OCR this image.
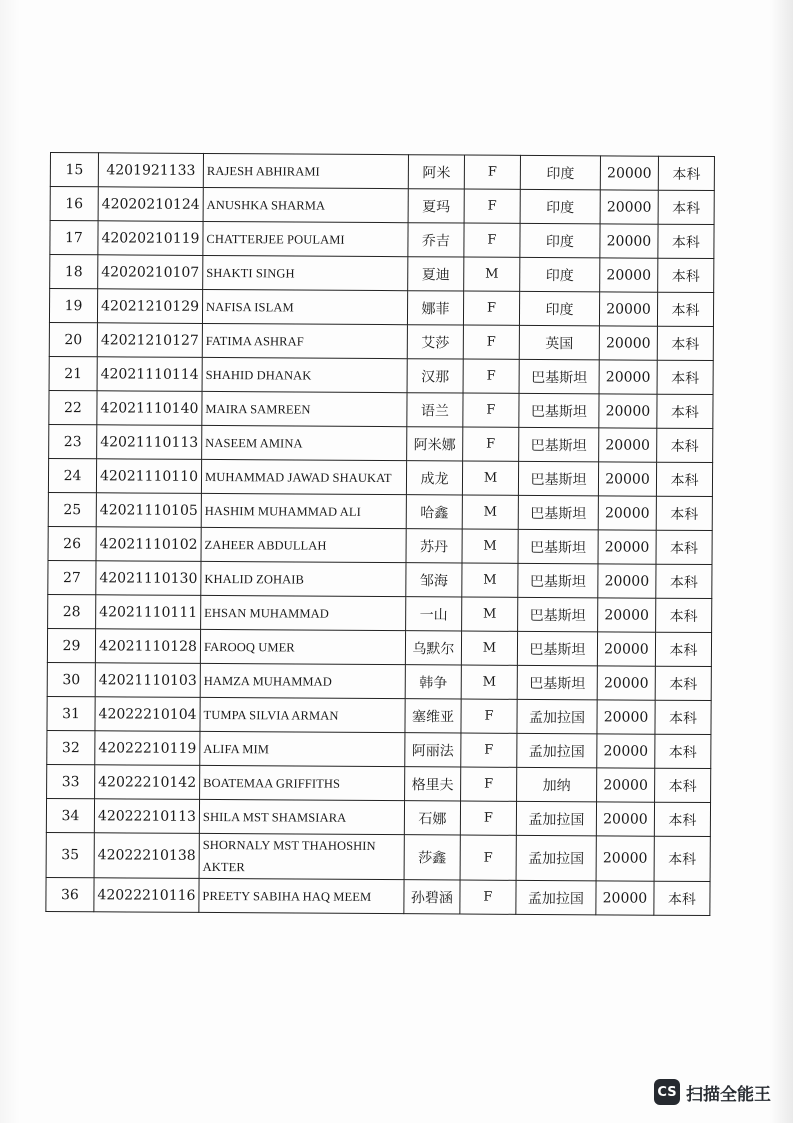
15	4201921133	RAJESH ABHIRAMI	阿米	F	印度	20000	本科
16	42020210124	ANUSHKA SHARMA	夏玛	F	印度	20000	本科
17	42020210119	CHATTERJEE POULAMI	乔吉	F	印度	20000	本科
18	42020210107	SHAKTI SINGH	夏迪	M	印度	20000	本科
19	42021210129	NAFISA ISLAM	娜菲	F	印度	20000	本科
20	42021210127	FATIMA ASHRAF	艾莎	F	英国	20000	本科
21	42021110114	SHAHID DHANAK	汉那	F	巴基斯坦	20000	本科
22	42021110140	MAIRA SAMREEN	语兰	F	巴基斯坦	20000	本科
23	42021110113	NASEEM AMINA	阿米娜	F	巴基斯坦	20000	本科
24	42021110110	MUHAMMAD JAWAD SHAUKAT	成龙	M	巴基斯坦	20000	本科
25	42021110105	HASHIM MUHAMMAD ALI	哈鑫	M	巴基斯坦	20000	本科
26	42021110102	ZAHEER ABDULLAH	苏丹	M	巴基斯坦	20000	本科
27	42021110130	KHALID ZOHAIB	邹海	M	巴基斯坦	20000	本科
28	42021110111	EHSAN MUHAMMAD	一山	M	巴基斯坦	20000	本科
29	42021110128	FAROOQ UMER	乌默尔	M	巴基斯坦	20000	本科
30	42021110103	HAMZA MUHAMMAD	韩争	M	巴基斯坦	20000	本科
31	42022210104	TUMPA SILVIA ARMAN	塞维亚	F	孟加拉国	20000	本科
32	42022210119	ALIFA MIM	阿丽法	F	孟加拉国	20000	本科
33	42022210142	BOATEMAA GRIFFITHS	格里夫	F	加纳	20000	本科
34	42022210113	SHILA MST SHAMSIARA	石娜	F	孟加拉国	20000	本科
35	42022210138	SHORNALY MST THAHOSHIN AKTER	莎鑫	F	孟加拉国	20000	本科
36	42022210116	PREETY SABIHA HAQ MEEM	孙碧涵	F	孟加拉国	20000	本科
CS 扫描全能王
